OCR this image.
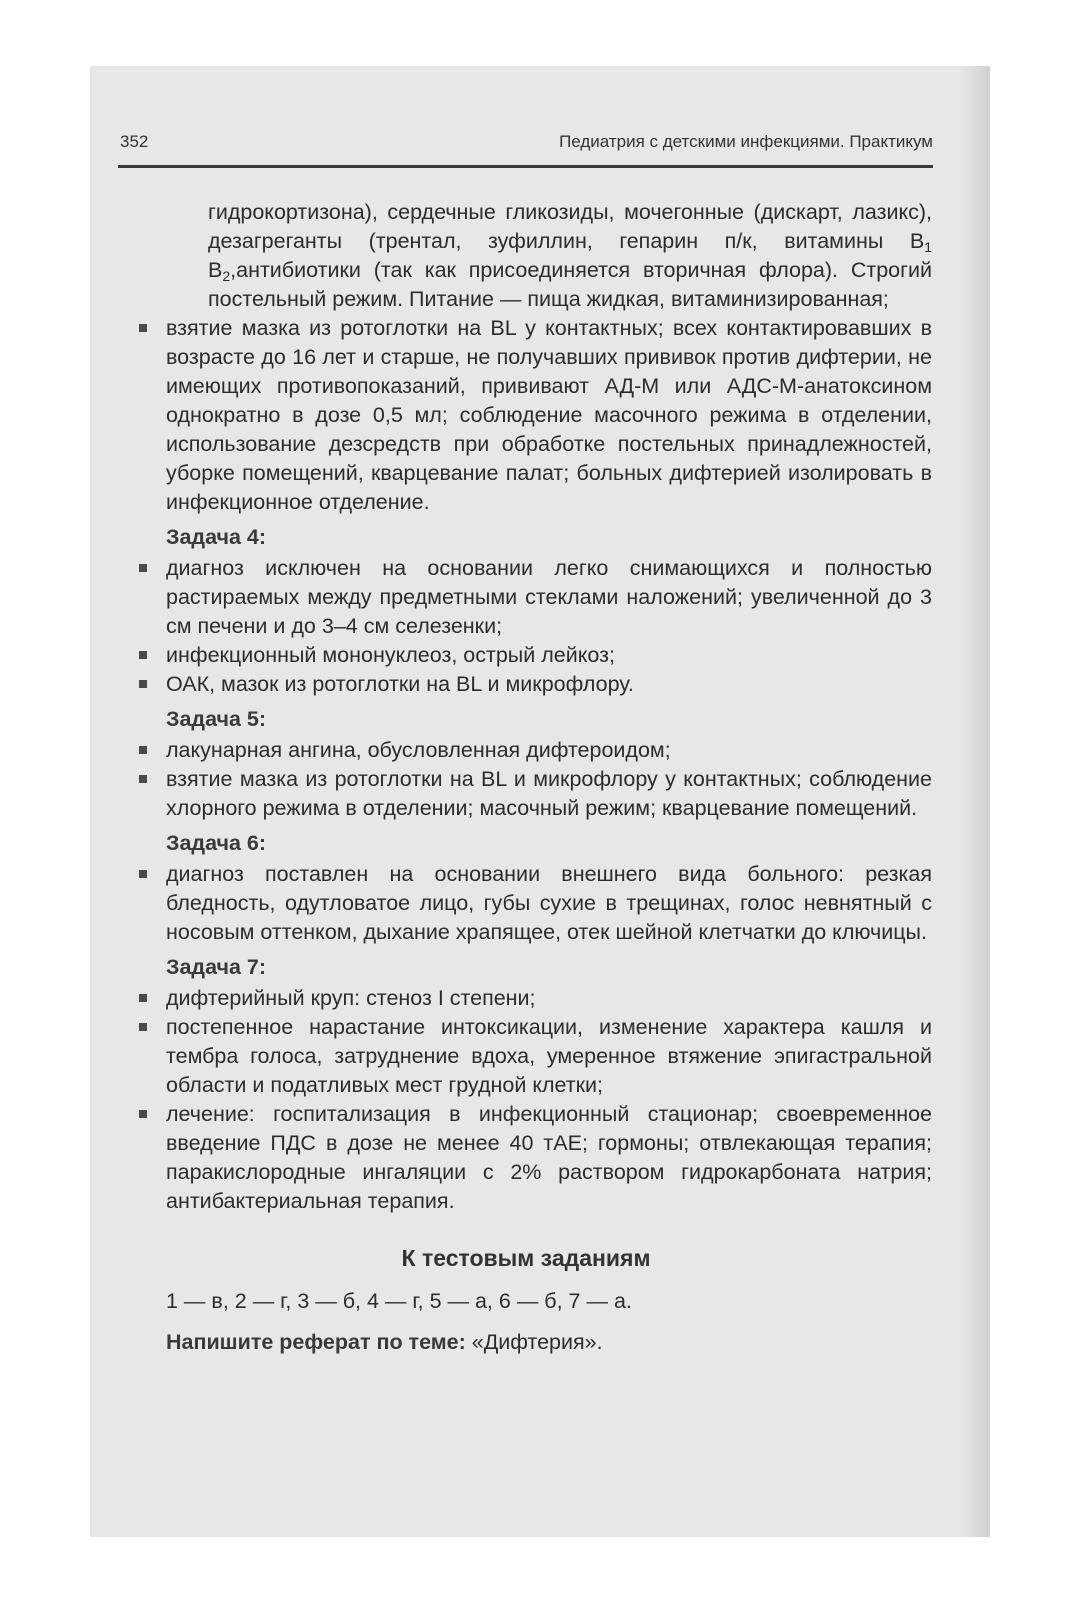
352	Педиатрия с детскими инфекциями. Практикум

гидрокортизона), сердечные гликозиды, мочегонные (дискарт, лазикс), дезагреганты (трентал, зуфиллин, гепарин п/к, витамины $В_1$ $В_2,антибиотики$ (так как присоединяется вторичная флора). Строгий постельный режим. Питание — пища жидкая, витаминизированная;

взятие мазка из ротоглотки на BL у контактных; всех контактировавших в возрасте до 16 лет и старше, не получавших прививок против дифтерии, не имеющих противопоказаний, прививают АД-М или АДС-М-анатоксином однократно в дозе 0,5 мл; соблюдение масочного режима в отделении, использование дезсредств при обработке постельных принадлежностей, уборке помещений, кварцевание палат; больных дифтерией изолировать в инфекционное отделение.
Задача 4:
диагноз исключен на основании легко снимающихся и полностью растираемых между предметными стеклами наложений; увеличенной до 3 см печени и до 3–4 см селезенки;
инфекционный мононуклеоз, острый лейкоз;
ОАК, мазок из ротоглотки на BL и микрофлору.
Задача 5:
лакунарная ангина, обусловленная дифтероидом;
взятие мазка из ротоглотки на BL и микрофлору у контактных; соблюдение хлорного режима в отделении; масочный режим; кварцевание помещений.
Задача 6:
диагноз поставлен на основании внешнего вида больного: резкая бледность, одутловатое лицо, губы сухие в трещинах, голос невнятный с носовым оттенком, дыхание храпящее, отек шейной клетчатки до ключицы.
Задача 7:
дифтерийный круп: стеноз I степени;
постепенное нарастание интоксикации, изменение характера кашля и тембра голоса, затруднение вдоха, умеренное втяжение эпигастральной области и податливых мест грудной клетки;
лечение: госпитализация в инфекционный стационар; своевременное введение ПДС в дозе не менее 40 тАЕ; гормоны; отвлекающая терапия; паракислородные ингаляции с 2% раствором гидрокарбоната натрия; антибактериальная терапия.
К тестовым заданиям
1 — в, 2 — г, 3 — б, 4 — г, 5 — а, 6 — б, 7 — а.
Напишите реферат по теме: «Дифтерия».
